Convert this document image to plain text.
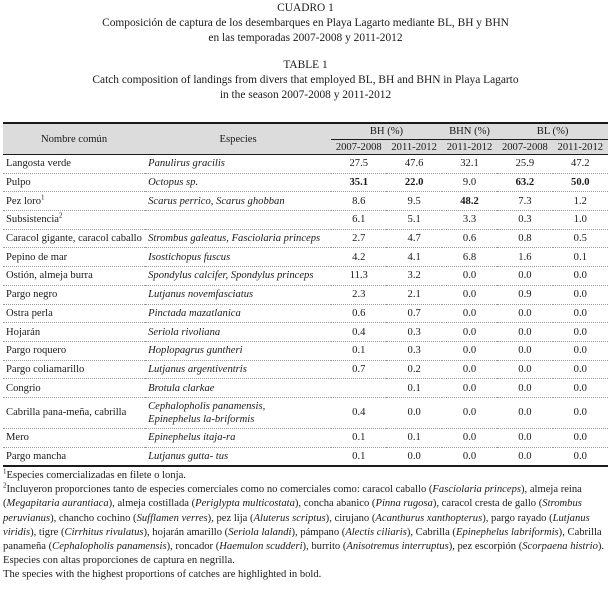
CUADRO 1
Composición de captura de los desembarques en Playa Lagarto mediante BL, BH y BHN
en las temporadas 2007-2008 y 2011-2012
TABLE 1
Catch composition of landings from divers that employed BL, BH and BHN in Playa Lagarto
in the season 2007-2008 y 2011-2012
Nombre común	Especies	BH (%)		BHN (%)	BL (%)	
		2007-2008	2011-2012	2011-2012	2007-2008	2011-2012
Langosta verde	Panulirus gracilis	27.5	47.6	32.1	25.9	47.2
Pulpo	Octopus sp.	35.1	22.0	9.0	63.2	50.0
Pez loro$^1$	Scarus perrico, Scarus ghobban	8.6	9.5	48.2	7.3	1.2
Subsistencia$^2$		6.1	5.1	3.3	0.3	1.0
Caracol gigante, caracol caballo	Strombus galeatus, Fasciolaria princeps	2.7	4.7	0.6	0.8	0.5
Pepino de mar	Isostichopus fuscus	4.2	4.1	6.8	1.6	0.1
Ostión, almeja burra	Spondylus calcifer, Spondylus princeps	11.3	3.2	0.0	0.0	0.0
Pargo negro	Lutjanus novemfasciatus	2.3	2.1	0.0	0.9	0.0
Ostra perla	Pinctada mazatlanica	0.6	0.7	0.0	0.0	0.0
Hojarán	Seriola rivoliana	0.4	0.3	0.0	0.0	0.0
Pargo roquero	Hoplopagrus guntheri	0.1	0.3	0.0	0.0	0.0
Pargo coliamarillo	Lutjanus argentiventris	0.7	0.2	0.0	0.0	0.0
Congrio	Brotula clarkae		0.1	0.0	0.0	0.0
Cabrilla pana-meña, cabrilla	Cephalopholis panamensis,
Epinephelus la-briformis	0.4	0.0	0.0	0.0	0.0
Mero	Epinephelus itaja-ra	0.1	0.1	0.0	0.0	0.0
Pargo mancha	Lutjanus gutta- tus	0.1	0.0	0.0	0.0	0.0

$^1$Especies comercializadas en filete o lonja.

$^2$Incluyeron proporciones tanto de especies comerciales como no comerciales como: caracol caballo (Fasciolaria princeps), almeja reina (Megapitaria aurantiaca), almeja costillada (Periglypta multicostata), concha abanico (Pinna rugosa), caracol cresta de gallo (Strombus peruvianus), chancho cochino (Sufflamen verres), pez lija (Aluterus scriptus), cirujano (Acanthurus xanthopterus), pargo rayado (Lutjanus viridis), tigre (Cirrhitus rivulatus), hojarán amarillo (Seriola lalandi), pámpano (Alectis ciliaris), Cabrilla (Epinephelus labriformis), Cabrilla panameña (Cephalopholis panamensis), roncador (Haemulon scudderi), burrito (Anisotremus interruptus), pez escorpión (Scorpaena histrio).

Especies con altas proporciones de captura en negrilla.

The species with the highest proportions of catches are highlighted in bold.
